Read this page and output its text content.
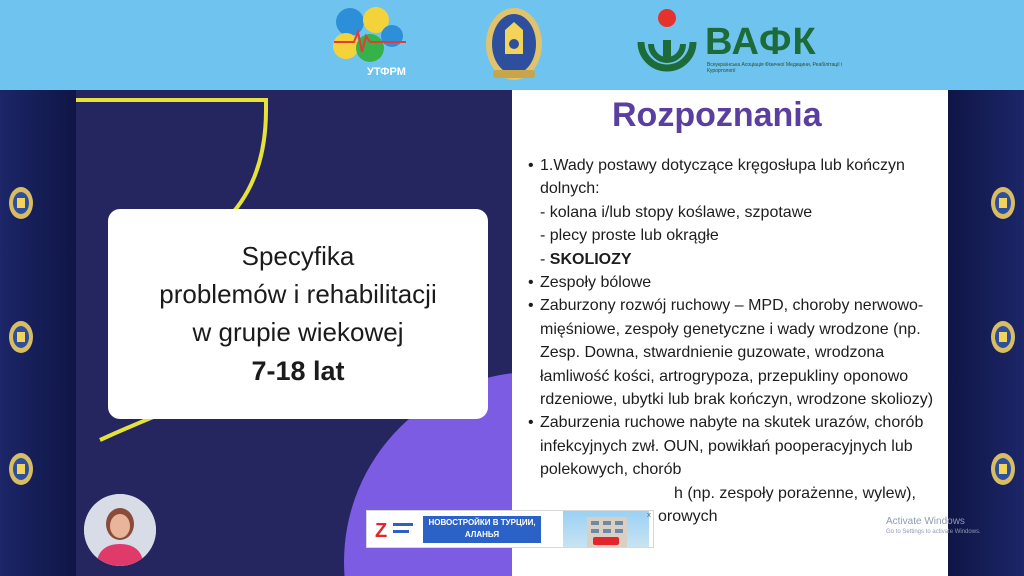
УТФРМ
ВАФК
Всеукраїнська Асоціація Фізичної Медицини, Реабілітації і Курортології
Specyfika
problemów i rehabilitacji
w grupie wiekowej
7-18 lat
Rozpoznania
• 1.Wady postawy dotyczące kręgosłupa lub kończyn dolnych:
- kolana i/lub stopy koślawe, szpotawe
- plecy proste lub okrągłe
- SKOLIOZY
• Zespoły bólowe
• Zaburzony rozwój ruchowy – MPD, choroby nerwowo-mięśniowe, zespoły genetyczne i wady wrodzone (np. Zesp. Downa, stwardnienie guzowate, wrodzona łamliwość kości, artrogrypoza, przepukliny oponowo rdzeniowe, ubytki lub brak kończyn, wrodzone skoliozy)
• Zaburzenia ruchowe nabyte na skutek urazów, chorób infekcyjnych zwł. OUN, powikłań pooperacyjnych lub polekowych, chorób
h (np. zespoły porażenne, wylew),
orowych
Z	НОВОСТРОЙКИ В ТУРЦИИ, АЛАНЬЯ
x
Activate Windows
Go to Settings to activate Windows.
